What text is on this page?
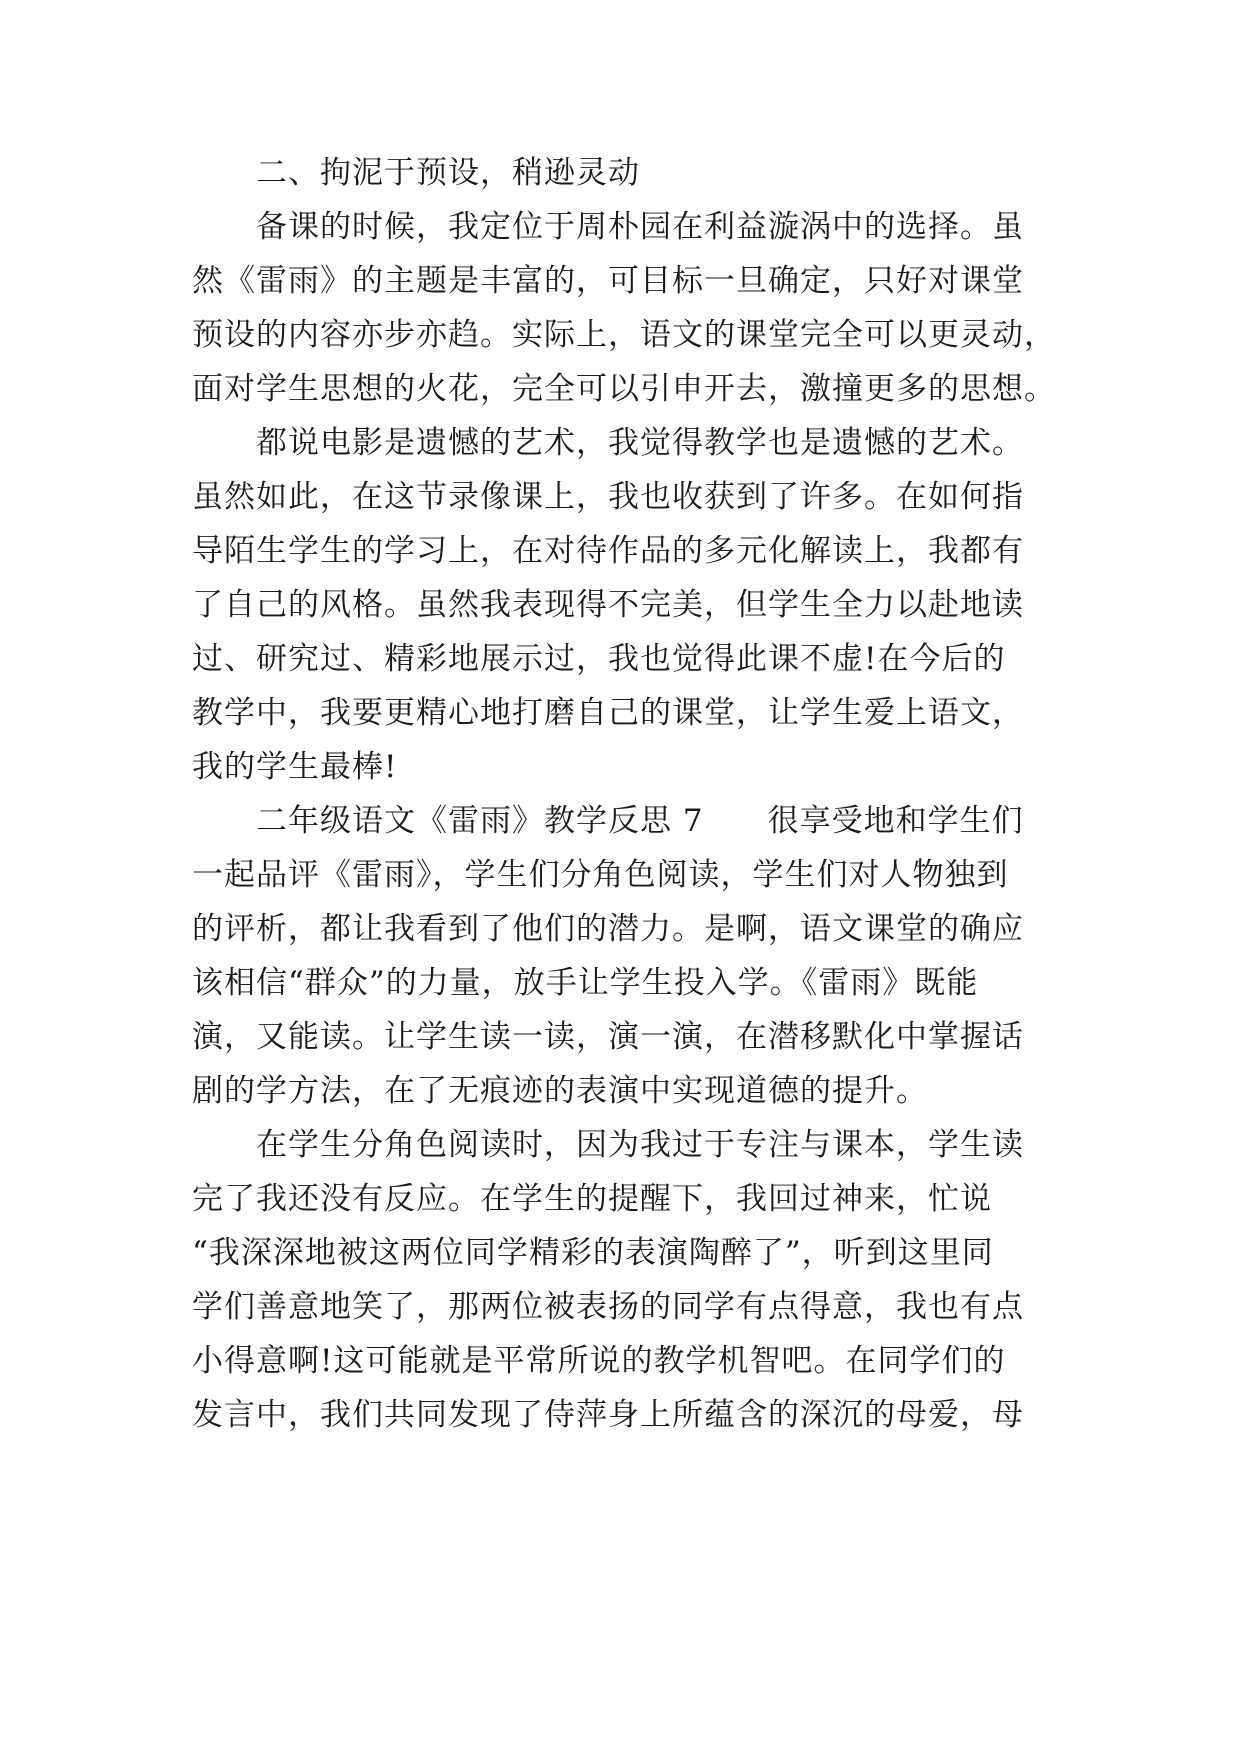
二、拘泥于预设，稍逊灵动
备课的时候，我定位于周朴园在利益漩涡中的选择。虽
然《雷雨》的主题是丰富的，可目标一旦确定，只好对课堂
预设的内容亦步亦趋。实际上，语文的课堂完全可以更灵动，
面对学生思想的火花，完全可以引申开去，激撞更多的思想。
都说电影是遗憾的艺术，我觉得教学也是遗憾的艺术。
虽然如此，在这节录像课上，我也收获到了许多。在如何指
导陌生学生的学习上，在对待作品的多元化解读上，我都有
了自己的风格。虽然我表现得不完美，但学生全力以赴地读
过、研究过、精彩地展示过，我也觉得此课不虚!在今后的
教学中，我要更精心地打磨自己的课堂，让学生爱上语文，
我的学生最棒!
二年级语文《雷雨》教学反思 7　　很享受地和学生们
一起品评《雷雨》，学生们分角色阅读，学生们对人物独到
的评析，都让我看到了他们的潜力。是啊，语文课堂的确应
该相信“群众”的力量，放手让学生投入学。《雷雨》既能
演，又能读。让学生读一读，演一演，在潜移默化中掌握话
剧的学方法，在了无痕迹的表演中实现道德的提升。
在学生分角色阅读时，因为我过于专注与课本，学生读
完了我还没有反应。在学生的提醒下，我回过神来，忙说
“我深深地被这两位同学精彩的表演陶醉了”，听到这里同
学们善意地笑了，那两位被表扬的同学有点得意，我也有点
小得意啊!这可能就是平常所说的教学机智吧。在同学们的
发言中，我们共同发现了侍萍身上所蕴含的深沉的母爱，母
